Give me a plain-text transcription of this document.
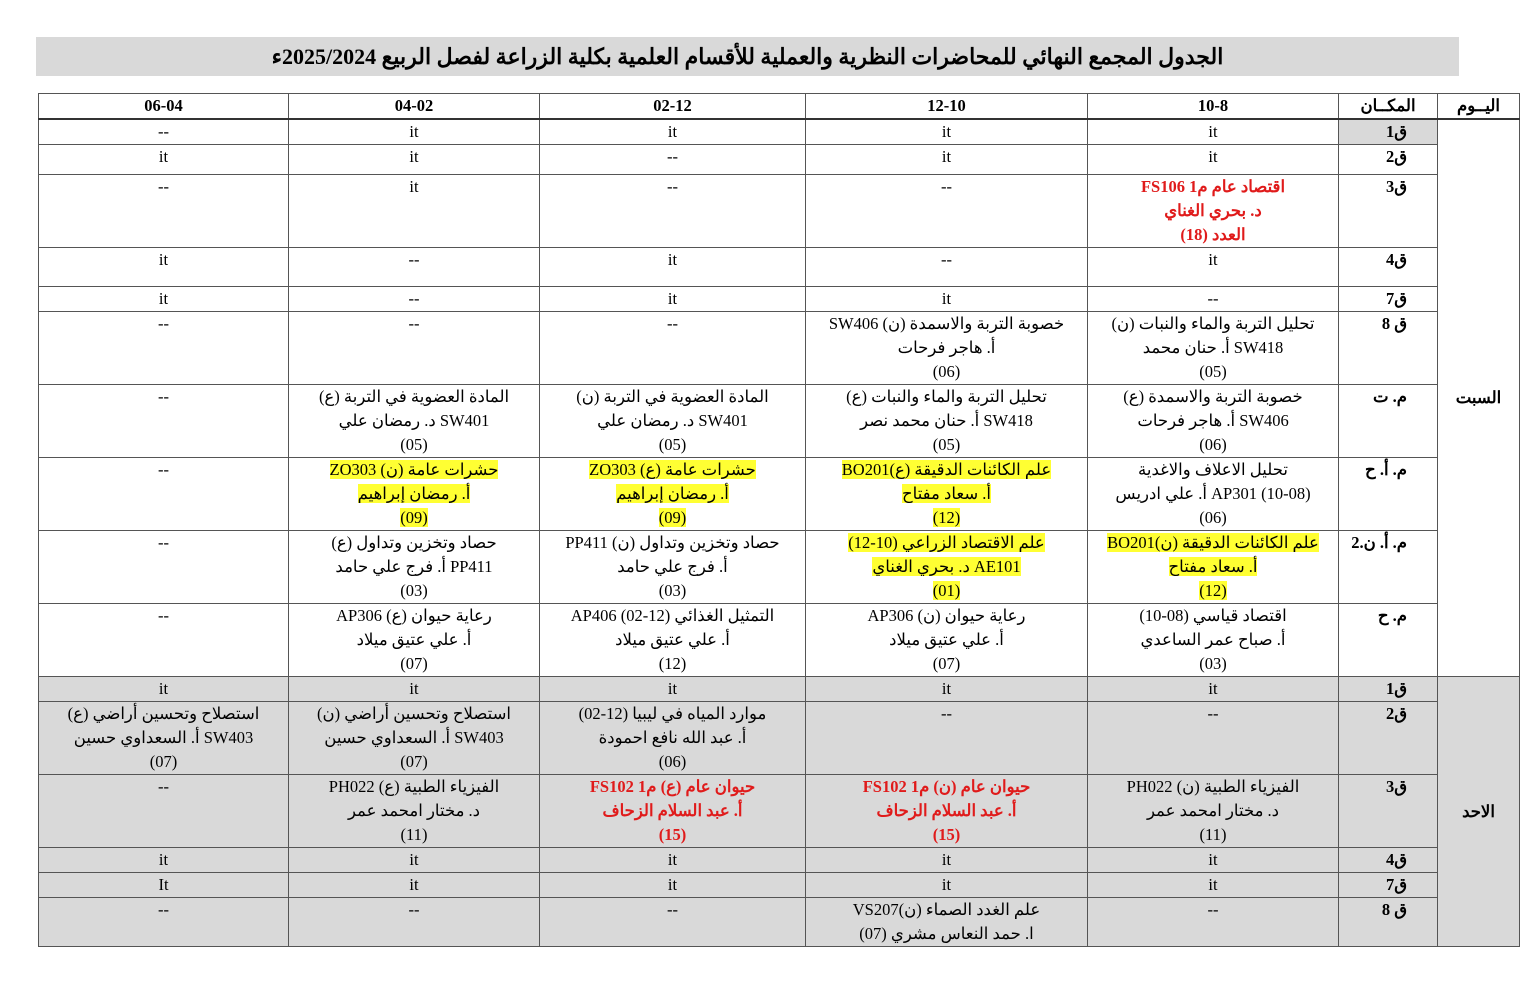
الجدول المجمع النهائي للمحاضرات النظرية والعملية للأقسام العلمية بكلية الزراعة لفصل الربيع 2025/2024ء
اليــوم	المكــان	10-8	12-10	02-12	04-02	06-04
السبت	ق1	it	it	it	it	--
	ق2	it	it	--	it	it
	ق3	اقتصاد عام م1 FS106
د. بحري الغناي
العدد (18)	--	--	it	--
	ق4	it	--	it	--	it
	ق7	--	it	it	--	it
	ق 8	تحليل التربة والماء والنبات (ن)
SW418 أ. حنان محمد
(05)	خصوبة التربة والاسمدة (ن) SW406
أ. هاجر فرحات
(06)	--	--	--
	م. ت	خصوبة التربة والاسمدة (ع)
SW406 أ. هاجر فرحات
(06)	تحليل التربة والماء والنبات (ع)
SW418 أ. حنان محمد نصر
(05)	المادة العضوية في التربة (ن)
SW401 د. رمضان علي
(05)	المادة العضوية في التربة (ع)
SW401 د. رمضان علي
(05)	--
	م. أ. ح	تحليل الاعلاف والاغدية
AP301 (10-08) أ. علي ادريس
(06)	علم الكائنات الدقيقة (ع)BO201
أ. سعاد مفتاح
(12)	حشرات عامة (ع) ZO303
أ. رمضان إبراهيم
(09)	حشرات عامة (ن) ZO303
أ. رمضان إبراهيم
(09)	--
	م. أ. ن.2	علم الكائنات الدقيقة (ن)BO201
أ. سعاد مفتاح
(12)	علم الاقتصاد الزراعي (10-12)
AE101 د. بحري الغناي
(01)	حصاد وتخزين وتداول (ن) PP411
أ. فرج علي حامد
(03)	حصاد وتخزين وتداول (ع)
PP411 أ. فرج علي حامد
(03)	--
	م. ح	اقتصاد قياسي (08-10)
أ. صباح عمر الساعدي
(03)	رعاية حيوان (ن) AP306
أ. علي عتيق ميلاد
(07)	التمثيل الغذائي (12-02) AP406
أ. علي عتيق ميلاد
(12)	رعاية حيوان (ع) AP306
أ. علي عتيق ميلاد
(07)	--
الاحد	ق1	it	it	it	it	it
	ق2	--	--	موارد المياه في ليبيا (12-02)
أ. عبد الله نافع احمودة
(06)	استصلاح وتحسين أراضي (ن)
SW403 أ. السعداوي حسين
(07)	استصلاح وتحسين أراضي (ع)
SW403 أ. السعداوي حسين
(07)

	ق3	الفيزياء الطبية (ن) PH022
د. مختار امحمد عمر
(11)	حيوان عام (ن) م1 FS102
أ. عبد السلام الزحاف
(15)	حيوان عام (ع) م1 FS102
أ. عبد السلام الزحاف
(15)	الفيزياء الطبية (ع) PH022
د. مختار امحمد عمر
(11)	--
	ق4	it	it	it	it	it
	ق7	it	it	it	it	It
	ق 8	--	علم الغدد الصماء (ن)VS207
ا. حمد النعاس مشري (07)	--	--	--
